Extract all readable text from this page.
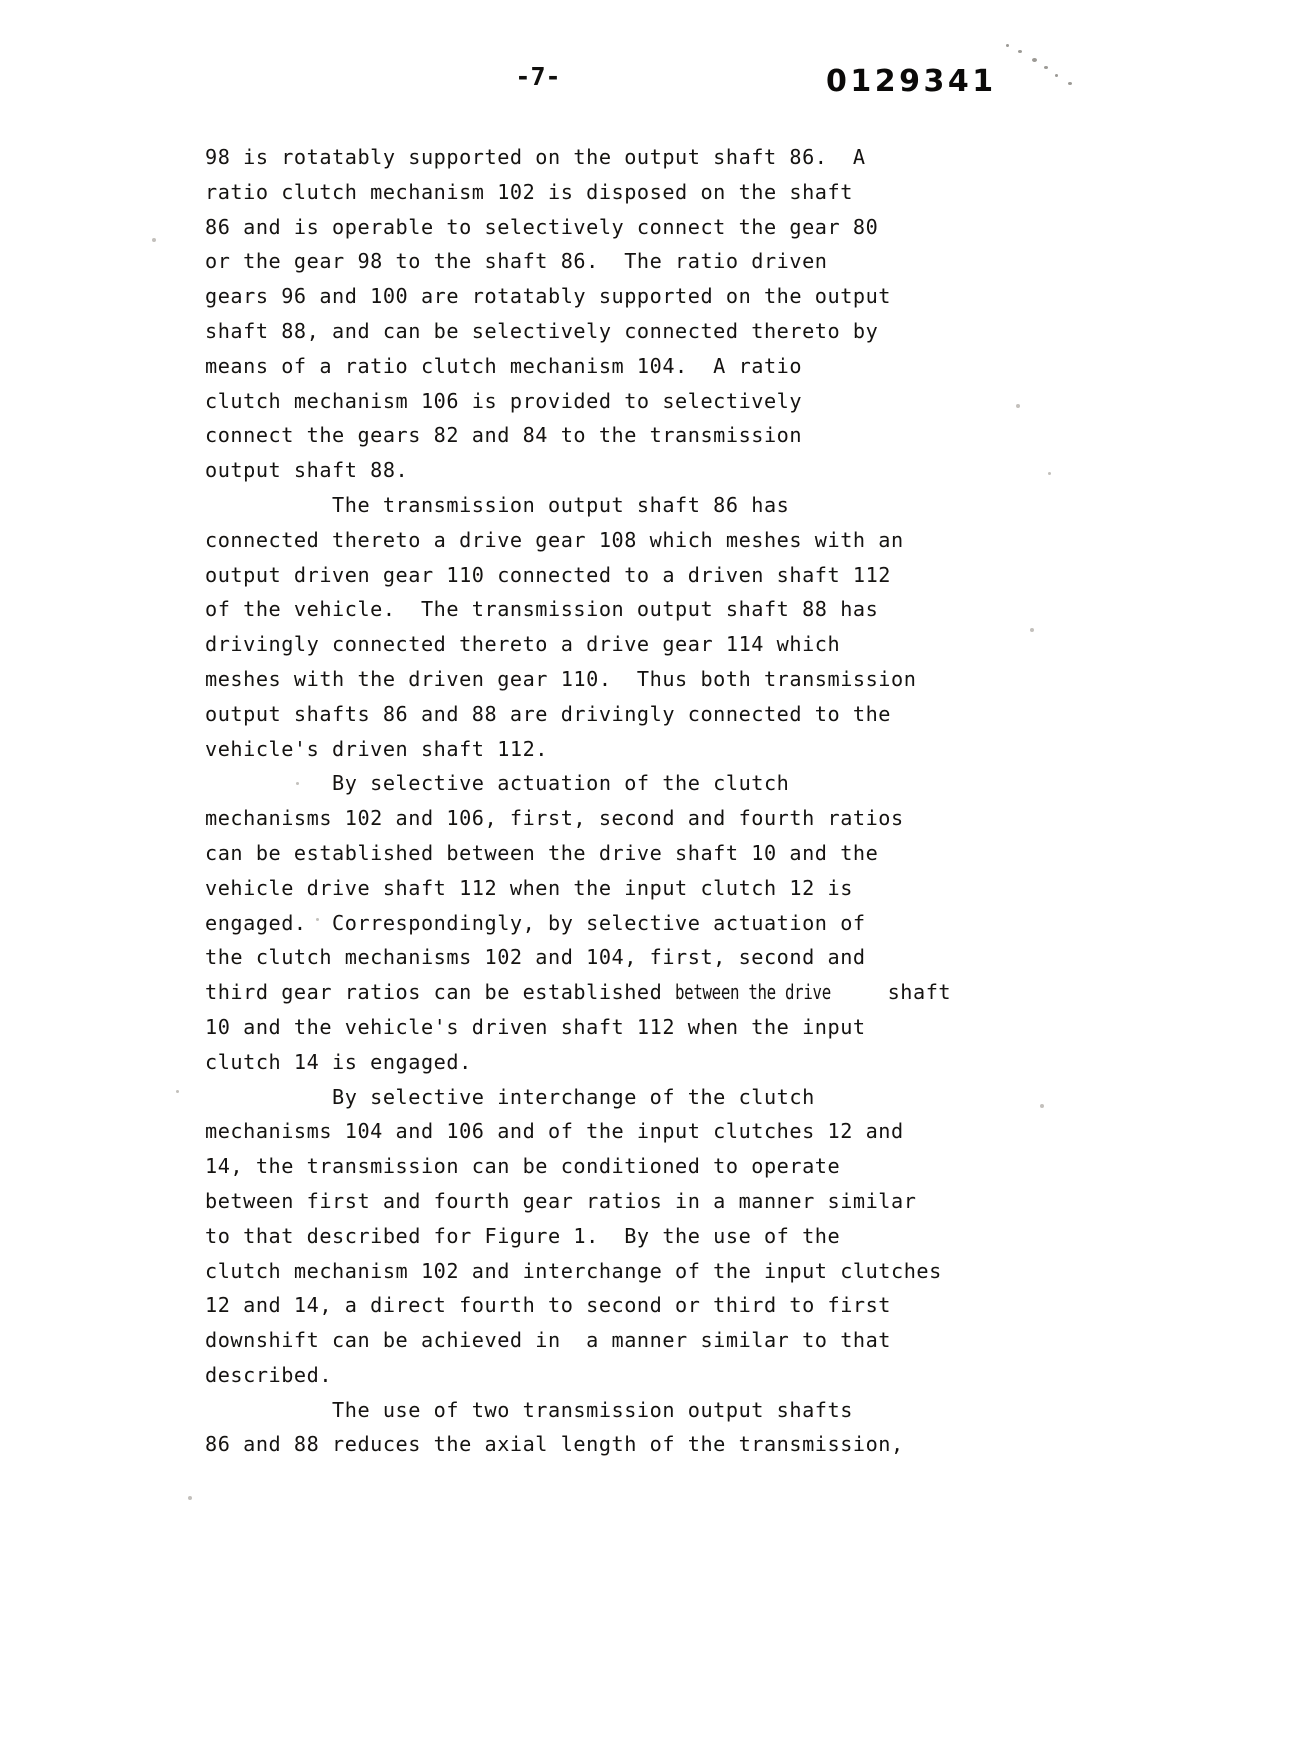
-7-	0129341
98 is rotatably supported on the output shaft 86.  A
ratio clutch mechanism 102 is disposed on the shaft
86 and is operable to selectively connect the gear 80
or the gear 98 to the shaft 86.  The ratio driven
gears 96 and 100 are rotatably supported on the output
shaft 88, and can be selectively connected thereto by
means of a ratio clutch mechanism 104.  A ratio
clutch mechanism 106 is provided to selectively
connect the gears 82 and 84 to the transmission
output shaft 88.
The transmission output shaft 86 has
connected thereto a drive gear 108 which meshes with an
output driven gear 110 connected to a driven shaft 112
of the vehicle.  The transmission output shaft 88 has
drivingly connected thereto a drive gear 114 which
meshes with the driven gear 110.  Thus both transmission
output shafts 86 and 88 are drivingly connected to the
vehicle's driven shaft 112.
By selective actuation of the clutch
mechanisms 102 and 106, first, second and fourth ratios
can be established between the drive shaft 10 and the
vehicle drive shaft 112 when the input clutch 12 is
engaged.  Correspondingly, by selective actuation of
the clutch mechanisms 102 and 104, first, second and
third gear ratios can be established between the drive shaft
10 and the vehicle's driven shaft 112 when the input
clutch 14 is engaged.
By selective interchange of the clutch
mechanisms 104 and 106 and of the input clutches 12 and
14, the transmission can be conditioned to operate
between first and fourth gear ratios in a manner similar
to that described for Figure 1.  By the use of the
clutch mechanism 102 and interchange of the input clutches
12 and 14, a direct fourth to second or third to first
downshift can be achieved in  a manner similar to that
described.
The use of two transmission output shafts
86 and 88 reduces the axial length of the transmission,
